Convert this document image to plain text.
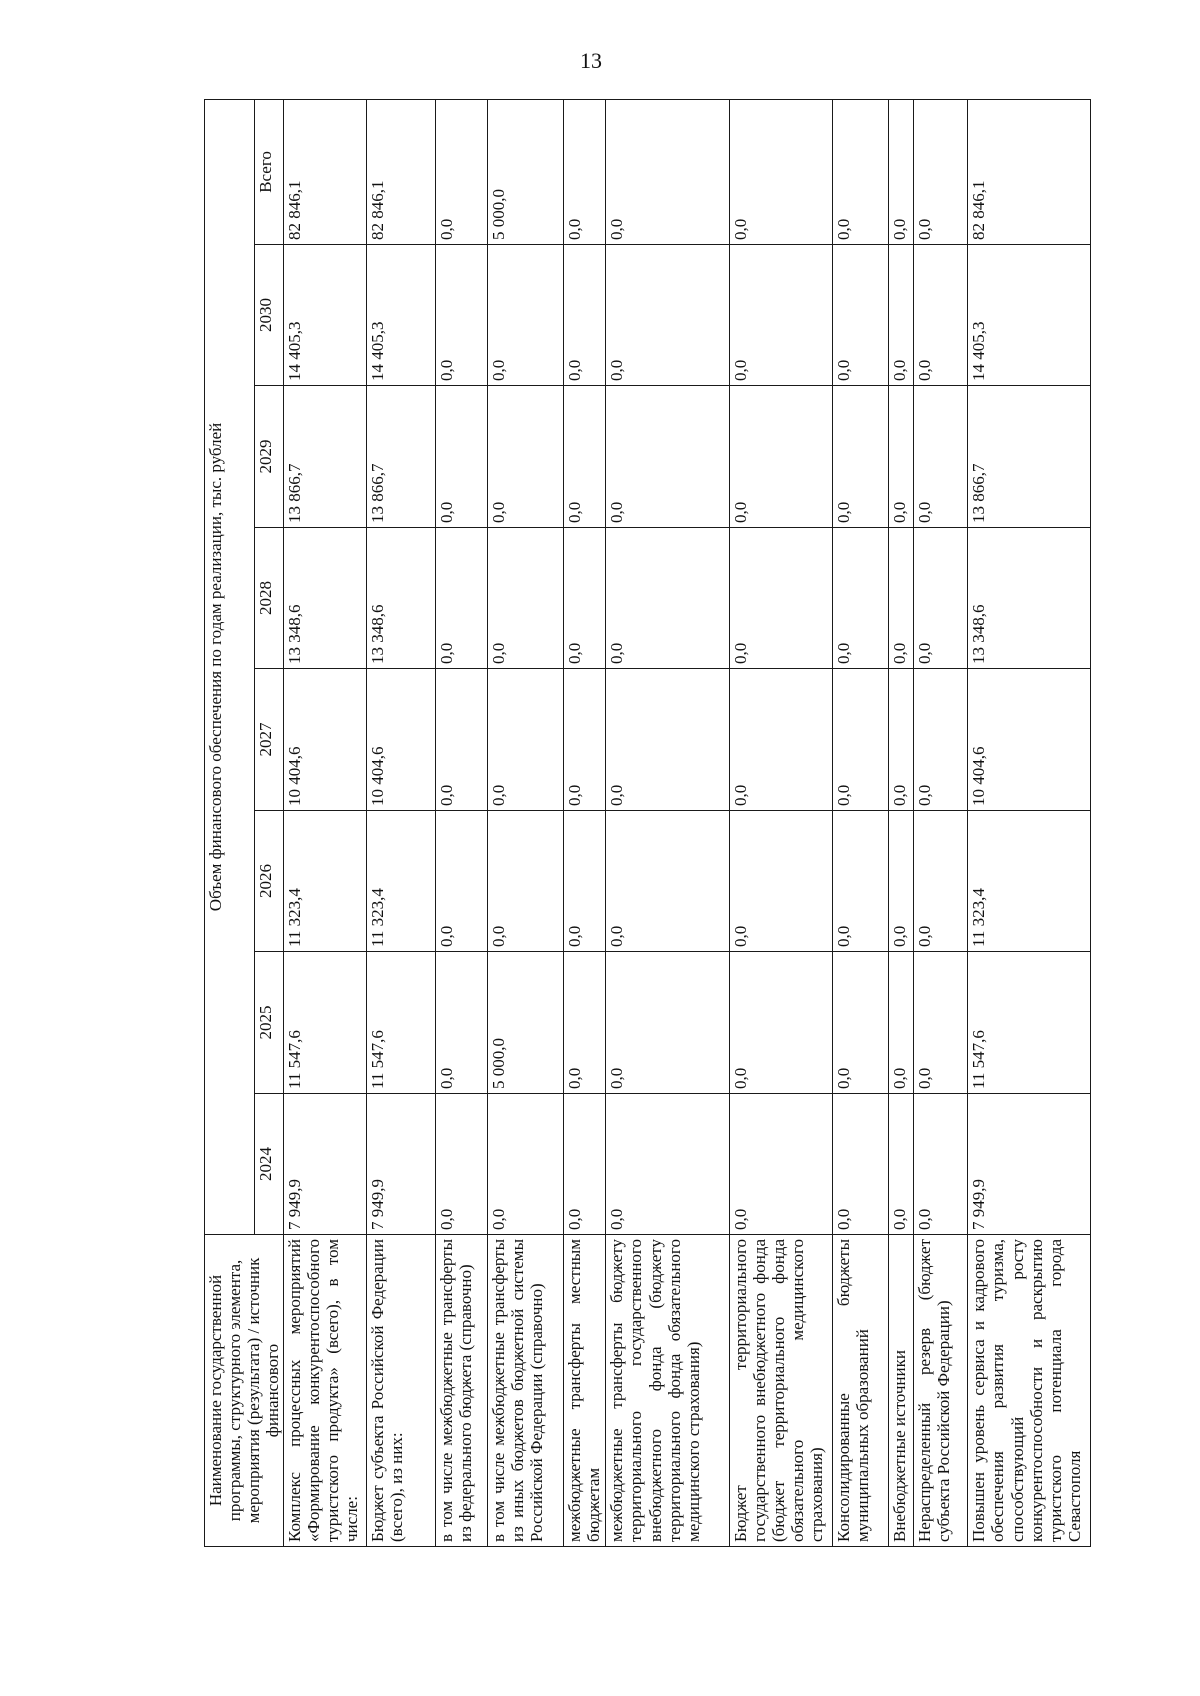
13
Наименование государственной программы, структурного элемента, мероприятия (результата) / источник финансового	Объем финансового обеспечения по годам реализации, тыс. рублей							
	2024	2025	2026	2027	2028	2029	2030	Всего
Комплекс процессных мероприятий «Формирование конкурентоспособного туристского продукта» (всего), в том числе:	7 949,9	11 547,6	11 323,4	10 404,6	13 348,6	13 866,7	14 405,3	82 846,1
Бюджет субъекта Российской Федерации (всего), из них:	7 949,9	11 547,6	11 323,4	10 404,6	13 348,6	13 866,7	14 405,3	82 846,1
в том числе межбюджетные трансферты из федерального бюджета (справочно)	0,0	0,0	0,0	0,0	0,0	0,0	0,0	0,0
в том числе межбюджетные трансферты из иных бюджетов бюджетной системы Российской Федерации (справочно)	0,0	5 000,0	0,0	0,0	0,0	0,0	0,0	5 000,0
межбюджетные трансферты местным бюджетам	0,0	0,0	0,0	0,0	0,0	0,0	0,0	0,0
межбюджетные трансферты бюджету территориального государственного внебюджетного фонда (бюджету территориального фонда обязательного медицинского страхования)	0,0	0,0	0,0	0,0	0,0	0,0	0,0	0,0
Бюджет территориального государственного внебюджетного фонда (бюджет территориального фонда обязательного медицинского страхования)	0,0	0,0	0,0	0,0	0,0	0,0	0,0	0,0
Консолидированные бюджеты муниципальных образований	0,0	0,0	0,0	0,0	0,0	0,0	0,0	0,0
Внебюджетные источники	0,0	0,0	0,0	0,0	0,0	0,0	0,0	0,0
Нераспределенный резерв (бюджет субъекта Российской Федерации)	0,0	0,0	0,0	0,0	0,0	0,0	0,0	0,0
Повышен уровень сервиса и кадрового обеспечения развития туризма, способствующий росту конкурентоспособности и раскрытию туристского потенциала города Севастополя	7 949,9	11 547,6	11 323,4	10 404,6	13 348,6	13 866,7	14 405,3	82 846,1
